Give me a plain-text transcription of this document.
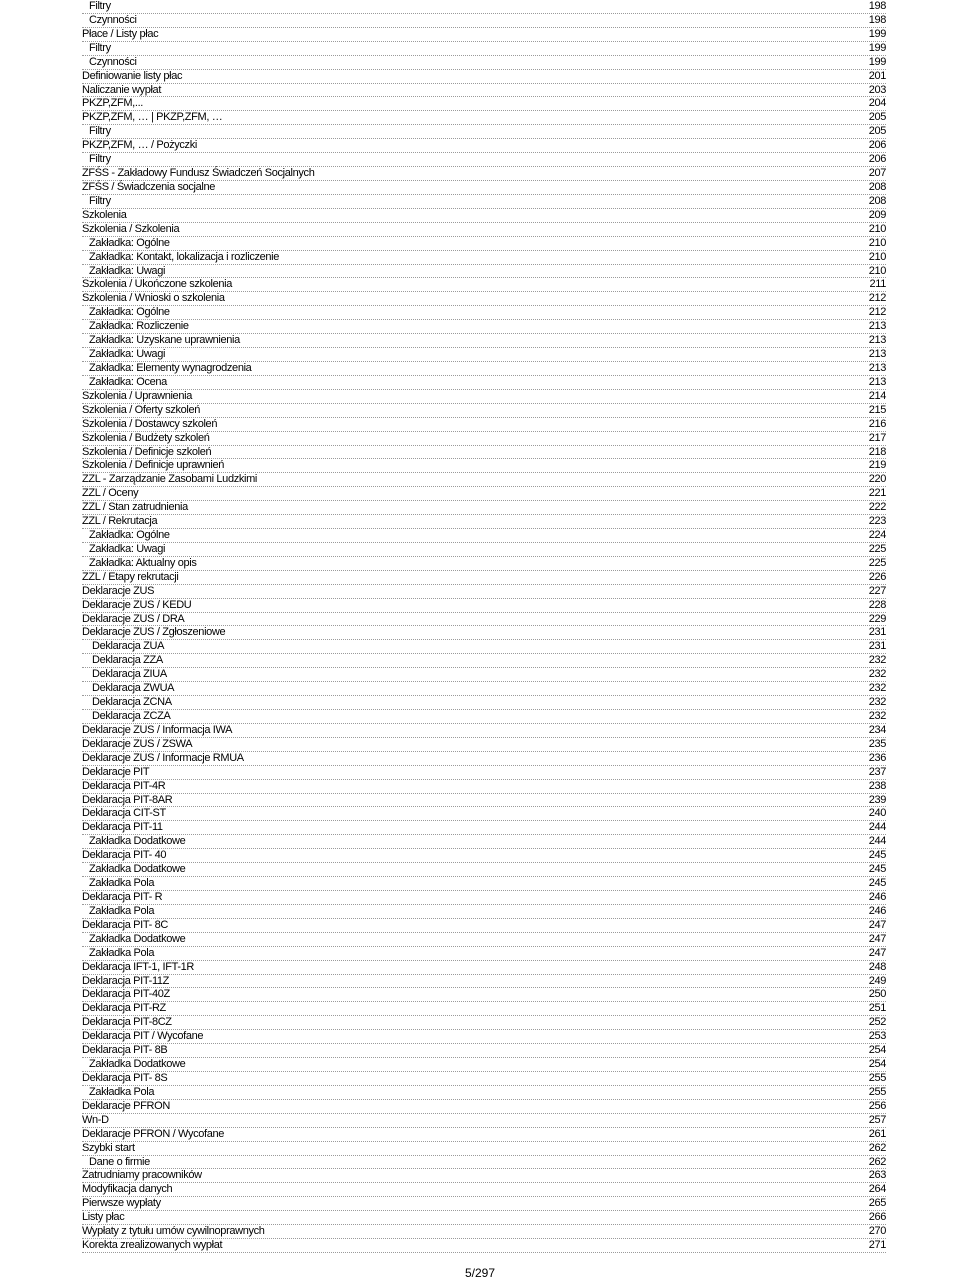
Filtry	198
Czynności	198
Płace / Listy płac	199
Filtry	199
Czynności	199
Definiowanie listy płac	201
Naliczanie wypłat	203
PKZP,ZFM,...	204
PKZP,ZFM, … | PKZP,ZFM, …	205
Filtry	205
PKZP,ZFM, … / Pożyczki	206
Filtry	206
ZFŚS - Zakładowy Fundusz Świadczeń Socjalnych	207
ZFŚS / Świadczenia socjalne	208
Filtry	208
Szkolenia	209
Szkolenia / Szkolenia	210
Zakładka: Ogólne	210
Zakładka: Kontakt, lokalizacja i rozliczenie	210
Zakładka: Uwagi	210
Szkolenia / Ukończone szkolenia	211
Szkolenia / Wnioski o szkolenia	212
Zakładka: Ogólne	212
Zakładka: Rozliczenie	213
Zakładka: Uzyskane uprawnienia	213
Zakładka: Uwagi	213
Zakładka: Elementy wynagrodzenia	213
Zakładka: Ocena	213
Szkolenia / Uprawnienia	214
Szkolenia / Oferty szkoleń	215
Szkolenia / Dostawcy szkoleń	216
Szkolenia / Budżety szkoleń	217
Szkolenia / Definicje szkoleń	218
Szkolenia / Definicje uprawnień	219
ZZL - Zarządzanie Zasobami Ludzkimi	220
ZZL / Oceny	221
ZZL / Stan zatrudnienia	222
ZZL / Rekrutacja	223
Zakładka: Ogólne	224
Zakładka: Uwagi	225
Zakładka: Aktualny opis	225
ZZL / Etapy rekrutacji	226
Deklaracje ZUS	227
Deklaracje ZUS / KEDU	228
Deklaracje ZUS / DRA	229
Deklaracje ZUS / Zgłoszeniowe	231
Deklaracja ZUA	231
Deklaracja ZZA	232
Deklaracja ZIUA	232
Deklaracja ZWUA	232
Deklaracja ZCNA	232
Deklaracja ZCZA	232
Deklaracje ZUS / Informacja IWA	234
Deklaracje ZUS / ZSWA	235
Deklaracje ZUS / Informacje RMUA	236
Deklaracje PIT	237
Deklaracja PIT-4R	238
Deklaracja PIT-8AR	239
Deklaracja CIT-ST	240
Deklaracja PIT-11	244
Zakładka Dodatkowe	244
Deklaracja PIT- 40	245
Zakładka Dodatkowe	245
Zakładka Pola	245
Deklaracja PIT- R	246
Zakładka Pola	246
Deklaracja PIT- 8C	247
Zakładka Dodatkowe	247
Zakładka Pola	247
Deklaracja IFT-1, IFT-1R	248
Deklaracja PIT-11Z	249
Deklaracja PIT-40Z	250
Deklaracja PIT-RZ	251
Deklaracja PIT-8CZ	252
Deklaracja PIT / Wycofane	253
Deklaracja PIT- 8B	254
Zakładka Dodatkowe	254
Deklaracja PIT- 8S	255
Zakładka Pola	255
Deklaracje PFRON	256
Wn-D	257
Deklaracje PFRON / Wycofane	261
Szybki start	262
Dane o firmie	262
Zatrudniamy pracowników	263
Modyfikacja danych	264
Pierwsze wypłaty	265
Listy płac	266
Wypłaty z tytułu umów cywilnoprawnych	270
Korekta zrealizowanych wypłat	271
5/297
